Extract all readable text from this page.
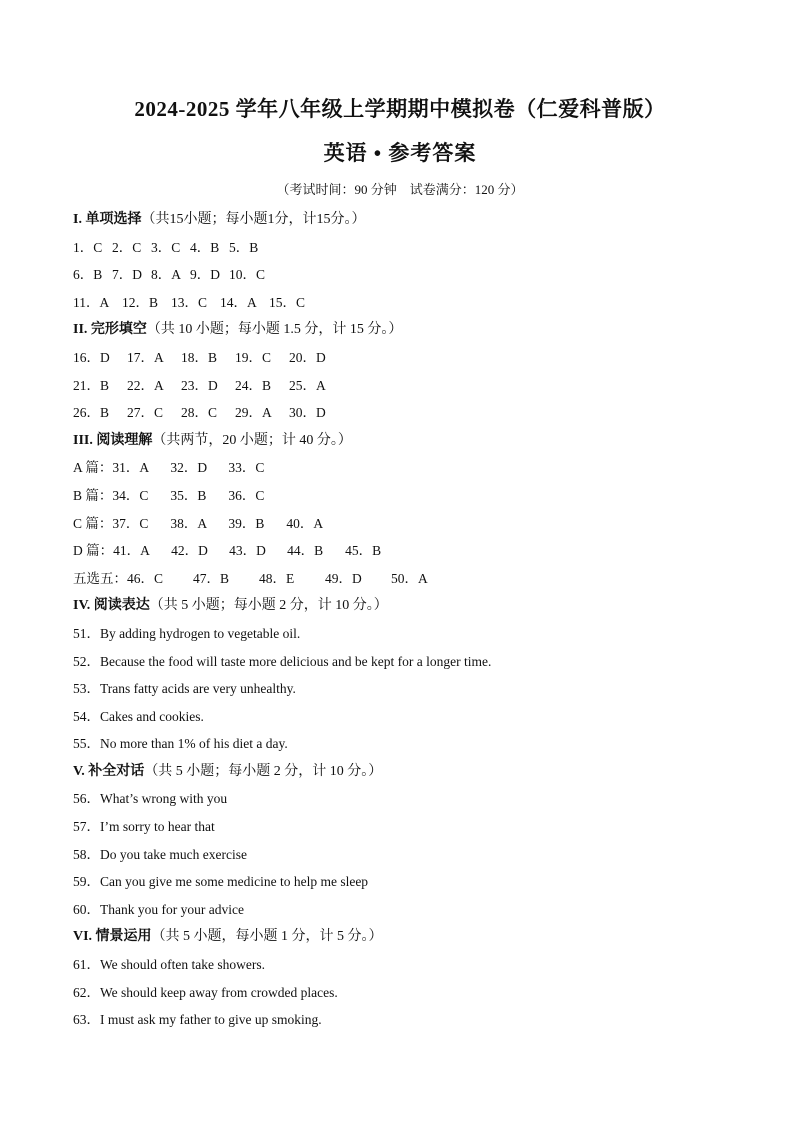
2024-2025 学年八年级上学期期中模拟卷（仁爱科普版）
英语 • 参考答案
（考试时间：90 分钟　试卷满分：120 分）
I. 单项选择（共15小题；每小题1分，计15分。）
1．C 2．C 3．C 4．B 5．B
6．B 7．D 8．A 9．D 10．C
11．A 12．B 13．C 14．A 15．C
II. 完形填空（共 10 小题；每小题 1.5 分，计 15 分。）
16．D 17．A 18．B 19．C 20．D
21．B 22．A 23．D 24．B 25．A
26．B 27．C 28．C 29．A 30．D
III. 阅读理解（共两节，20 小题；计 40 分。）
A 篇：31．A 32．D 33．C
B 篇：34．C 35．B 36．C
C 篇：37．C 38．A 39．B 40．A
D 篇：41．A 42．D 43．D 44．B 45．B
五选五：46．C 47．B 48．E 49．D 50．A
IV. 阅读表达（共 5 小题；每小题 2 分，计 10 分。）
51．By adding hydrogen to vegetable oil.
52．Because the food will taste more delicious and be kept for a longer time.
53．Trans fatty acids are very unhealthy.
54．Cakes and cookies.
55．No more than 1% of his diet a day.
V. 补全对话（共 5 小题；每小题 2 分，计 10 分。）
56．What’s wrong with you
57．I’m sorry to hear that
58．Do you take much exercise
59．Can you give me some medicine to help me sleep
60．Thank you for your advice
VI. 情景运用（共 5 小题，每小题 1 分，计 5 分。）
61．We should often take showers.
62．We should keep away from crowded places.
63．I must ask my father to give up smoking.
